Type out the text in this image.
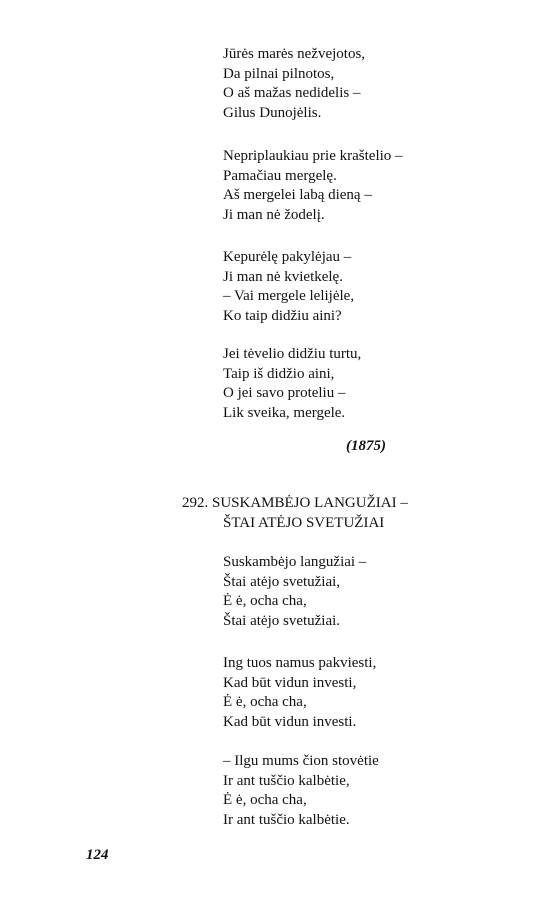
Jūrės marės nežvejotos,
Da pilnai pilnotos,
O aš mažas nedidelis –
Gilus Dunojėlis.
Nepriplaukiau prie kraštelio –
Pamačiau mergelę.
Aš mergelei labą dieną –
Ji man nė žodelį.
Kepurėlę pakylėjau –
Ji man nė kvietkelę.
– Vai mergele lelijėle,
Ko taip didžiu aini?
Jei tėvelio didžiu turtu,
Taip iš didžio aini,
O jei savo proteliu –
Lik sveika, mergele.
(1875)
292. SUSKAMBĖJO LANGUŽIAI –
ŠTAI ATĖJO SVETUŽIAI
Suskambėjo langužiai –
Štai atėjo svetužiai,
Ė ė, ocha cha,
Štai atėjo svetužiai.
Ing tuos namus pakviesti,
Kad būt vidun investi,
Ė ė, ocha cha,
Kad būt vidun investi.
– Ilgu mums čion stovėtie
Ir ant tuščio kalbėtie,
Ė ė, ocha cha,
Ir ant tuščio kalbėtie.
124
